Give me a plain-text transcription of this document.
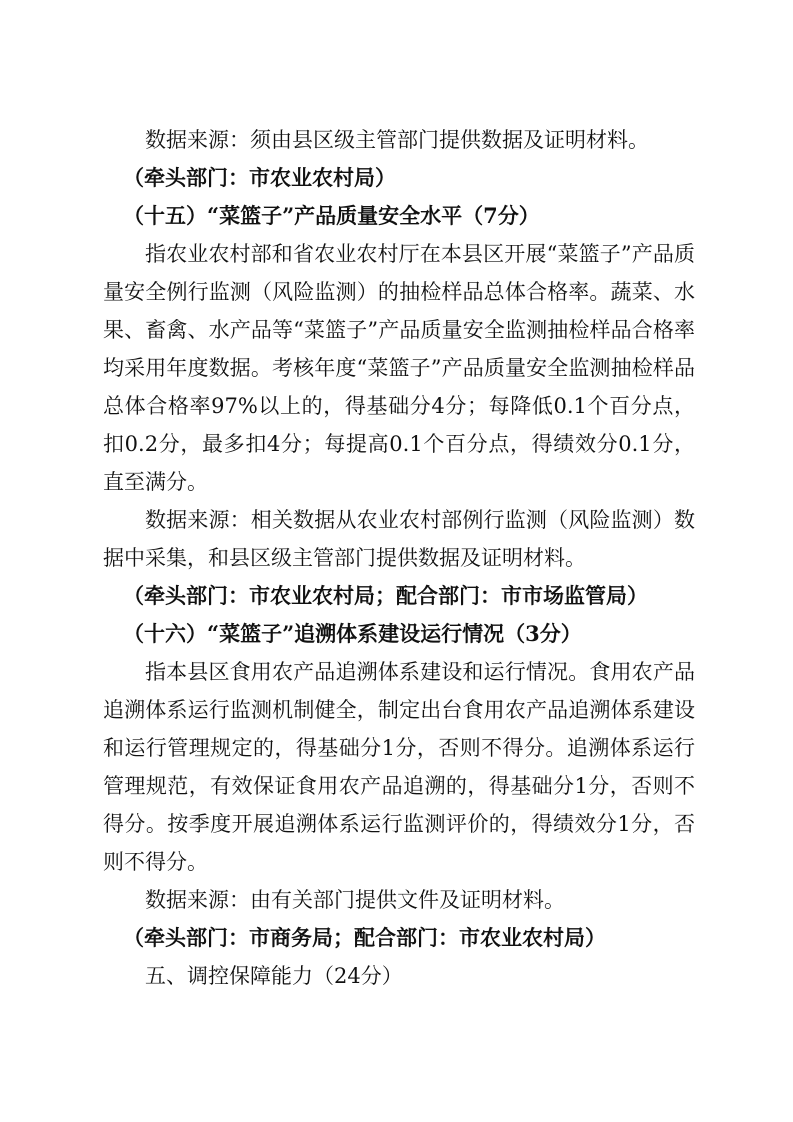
数据来源：须由县区级主管部门提供数据及证明材料。

（牵头部门：市农业农村局）

（十五）“菜篮子”产品质量安全水平（7分）

指农业农村部和省农业农村厅在本县区开展“菜篮子”产品质量安全例行监测（风险监测）的抽检样品总体合格率。蔬菜、水果、畜禽、水产品等“菜篮子”产品质量安全监测抽检样品合格率均采用年度数据。考核年度“菜篮子”产品质量安全监测抽检样品总体合格率97%以上的，得基础分4分；每降低0.1个百分点，扣0.2分，最多扣4分；每提高0.1个百分点，得绩效分0.1分，直至满分。

数据来源：相关数据从农业农村部例行监测（风险监测）数据中采集，和县区级主管部门提供数据及证明材料。

（牵头部门：市农业农村局；配合部门：市市场监管局）

（十六）“菜篮子”追溯体系建设运行情况（3分）

指本县区食用农产品追溯体系建设和运行情况。食用农产品追溯体系运行监测机制健全，制定出台食用农产品追溯体系建设和运行管理规定的，得基础分1分，否则不得分。追溯体系运行管理规范，有效保证食用农产品追溯的，得基础分1分，否则不得分。按季度开展追溯体系运行监测评价的，得绩效分1分，否则不得分。

数据来源：由有关部门提供文件及证明材料。

（牵头部门：市商务局；配合部门：市农业农村局）

五、调控保障能力（24分）
